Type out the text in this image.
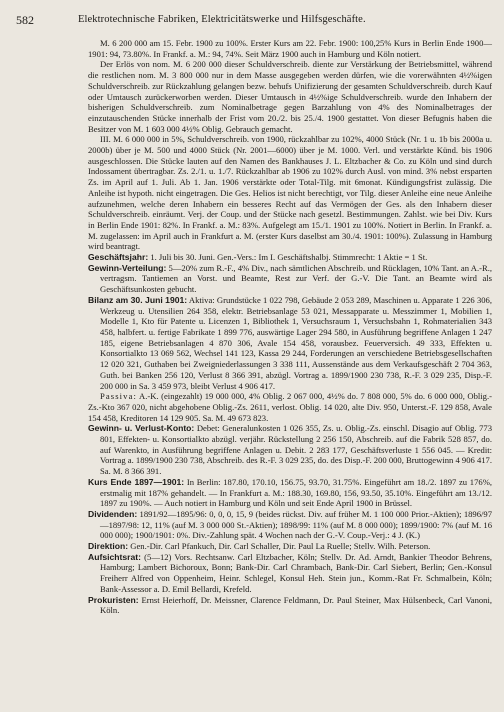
582	Elektrotechnische Fabriken, Elektricitätswerke und Hilfsgeschäfte.

M. 6 200 000 am 15. Febr. 1900 zu 100%. Erster Kurs am 22. Febr. 1900: 100,25% Kurs in Berlin Ende 1900—1901: 94, 73.80%. In Frankf. a. M.: 94, 74%. Seit März 1900 auch in Hamburg und Köln notiert.

Der Erlös von nom. M. 6 200 000 dieser Schuldverschreib. diente zur Verstärkung der Betriebsmittel, während die restlichen nom. M. 3 800 000 nur in dem Masse ausgegeben werden dürfen, wie die vorerwähnten 4½%igen Schuldverschreib. zur Rückzahlung gelangen bezw. behufs Unifizierung der gesamten Schuldverschreib. durch Kauf oder Umtausch zurückerworben werden. Dieser Umtausch in 4½%ige Schuldverschreib. wurde den Inhabern der bisherigen Schuldverschreib. zum Nominalbetrage gegen Barzahlung von 4% des Nominalbetrages der einzutauschenden Stücke innerhalb der Frist vom 20./2. bis 25./4. 1900 gestattet. Von dieser Befugnis haben die Besitzer von M. 1 603 000 4½% Oblig. Gebrauch gemacht.

III. M. 6 000 000 in 5%, Schuldverschreib. von 1900, rückzahlbar zu 102%, 4000 Stück (Nr. 1 u. 1b bis 2000a u. 2000b) über je M. 500 und 4000 Stück (Nr. 2001—6000) über je M. 1000. Verl. und verstärkte Künd. bis 1906 ausgeschlossen. Die Stücke lauten auf den Namen des Bankhauses J. L. Eltzbacher & Co. zu Köln und sind durch Indossament übertragbar. Zs. 2./1. u. 1./7. Rückzahlbar ab 1906 zu 102% durch Ausl. von mind. 3% nebst ersparten Zs. im April auf 1. Juli. Ab 1. Jan. 1906 verstärkte oder Total-Tilg. mit 6monat. Kündigungsfrist zulässig. Die Anleihe ist hypoth. nicht eingetragen. Die Ges. Helios ist nicht berechtigt, vor Tilg. dieser Anleihe eine neue Anleihe aufzunehmen, welche deren Inhabern ein besseres Recht auf das Vermögen der Ges. als den Inhabern dieser Schuldverschreib. einräumt. Verj. der Coup. und der Stücke nach gesetzl. Bestimmungen. Zahlst. wie bei Div. Kurs in Berlin Ende 1901: 82%. In Frankf. a. M.: 83%. Aufgelegt am 15./1. 1901 zu 100%. Notiert in Berlin. In Frankf. a. M. zugelassen: im April auch in Frankfurt a. M. (erster Kurs daselbst am 30./4. 1901: 100%). Zulassung in Hamburg wird beantragt.

Geschäftsjahr: 1. Juli bis 30. Juni. Gen.-Vers.: Im I. Geschäftshalbj. Stimmrecht: 1 Aktie = 1 St.

Gewinn-Verteilung: 5—20% zum R.-F., 4% Div., nach sämtlichen Abschreib. und Rücklagen, 10% Tant. an A.-R., vertragsm. Tantiemen an Vorst. und Beamte, Rest zur Verf. der G.-V. Die Tant. an Beamte wird als Geschäftsunkosten gebucht.

Bilanz am 30. Juni 1901: Aktiva: Grundstücke 1 022 798, Gebäude 2 053 289, Maschinen u. Apparate 1 226 306, Werkzeug u. Utensilien 264 358, elektr. Betriebsanlage 53 021, Messapparate u. Messzimmer 1, Mobilien 1, Modelle 1, Kto für Patente u. Licenzen 1, Bibliothek 1, Versuchsraum 1, Versuchsbahn 1, Rohmaterialien 343 458, halbfert. u. fertige Fabrikate 1 899 776, auswärtige Lager 294 580, in Ausführung begriffene Anlagen 1 247 185, eigene Betriebsanlagen 4 870 306, Avale 154 458, vorausbez. Feuerversich. 49 333, Effekten u. Konsortialkto 13 069 562, Wechsel 141 123, Kassa 29 244, Forderungen an verschiedene Betriebsgesellschaften 12 020 321, Guthaben bei Zweigniederlassungen 3 338 111, Aussenstände aus dem Verkaufsgeschäft 2 704 363, Guth. bei Banken 256 120, Verlust 8 366 391, abzügl. Vortrag a. 1899/1900 230 738, R.-F. 3 029 235, Disp.-F. 200 000 in Sa. 3 459 973, bleibt Verlust 4 906 417.

Passiva: A.-K. (eingezahlt) 19 000 000, 4% Oblig. 2 067 000, 4½% do. 7 808 000, 5% do. 6 000 000, Oblig.-Zs.-Kto 367 020, nicht abgehobene Oblig.-Zs. 2611, verlost. Oblig. 14 020, alte Div. 950, Unterst.-F. 129 858, Avale 154 458, Kreditoren 14 129 905. Sa. M. 49 673 823.

Gewinn- u. Verlust-Konto: Debet: Generalunkosten 1 026 355, Zs. u. Oblig.-Zs. einschl. Disagio auf Oblig. 773 801, Effekten- u. Konsortialkto abzügl. verjähr. Rückstellung 2 256 150, Abschreib. auf die Fabrik 528 857, do. auf Warenkto, in Ausführung begriffene Anlagen u. Debit. 2 283 177, Geschäftsverluste 1 556 045. — Kredit: Vortrag a. 1899/1900 230 738, Abschreib. des R.-F. 3 029 235, do. des Disp.-F. 200 000, Bruttogewinn 4 906 417. Sa. M. 8 366 391.

Kurs Ende 1897—1901: In Berlin: 187.80, 170.10, 156.75, 93.70, 31.75%. Eingeführt am 18./2. 1897 zu 176%, erstmalig mit 187% gehandelt. — In Frankfurt a. M.: 188.30, 169.80, 156, 93.50, 35.10%. Eingeführt am 13./12. 1897 zu 190%. — Auch notiert in Hamburg und Köln und seit Ende April 1900 in Brüssel.

Dividenden: 1891/92—1895/96: 0, 0, 0, 15, 9 (beides rückst. Div. auf früher M. 1 100 000 Prior.-Aktien); 1896/97—1897/98: 12, 11% (auf M. 3 000 000 St.-Aktien); 1898/99: 11% (auf M. 8 000 000); 1899/1900: 7% (auf M. 16 000 000); 1900/1901: 0%. Div.-Zahlung spät. 4 Wochen nach der G.-V. Coup.-Verj.: 4 J. (K.)

Direktion: Gen.-Dir. Carl Pfankuch, Dir. Carl Schaller, Dir. Paul La Ruelle; Stellv. Wilh. Peterson.

Aufsichtsrat: (5—12) Vors. Rechtsanw. Carl Eltzbacher, Köln; Stellv. Dr. Ad. Arndt, Bankier Theodor Behrens, Hamburg; Lambert Bichoroux, Bonn; Bank-Dir. Carl Chrambach, Bank-Dir. Carl Siebert, Berlin; Gen.-Konsul Freiherr Alfred von Oppenheim, Heinr. Schlegel, Konsul Heh. Stein jun., Komm.-Rat Fr. Schmalbein, Köln; Bank-Assessor a. D. Emil Bellardi, Krefeld.

Prokuristen: Ernst Heierhoff, Dr. Meissner, Clarence Feldmann, Dr. Paul Steiner, Max Hülsenbeck, Carl Vanoni, Köln.
